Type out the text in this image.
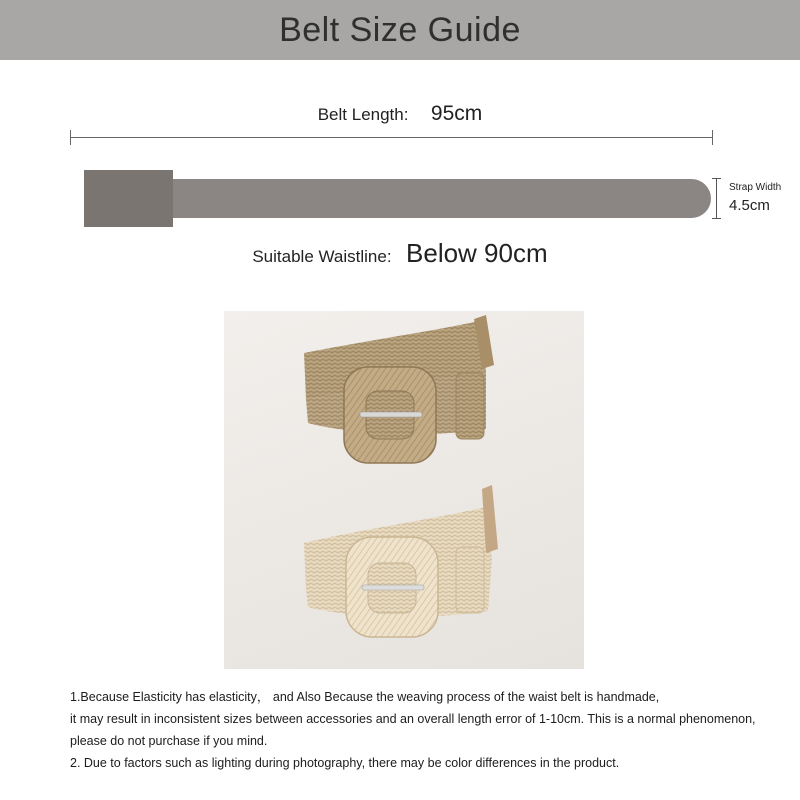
Belt Size Guide
Belt Length: 95cm
Strap Width
4.5cm
Suitable Waistline: Below 90cm
1.Because Elasticity has elasticity， and Also Because the weaving process of the waist belt is handmade,
it may result in inconsistent sizes between accessories and an overall length error of 1-10cm. This is a normal phenomenon,
please do not purchase if you mind.
2. Due to factors such as lighting during photography, there may be color differences in the product.
